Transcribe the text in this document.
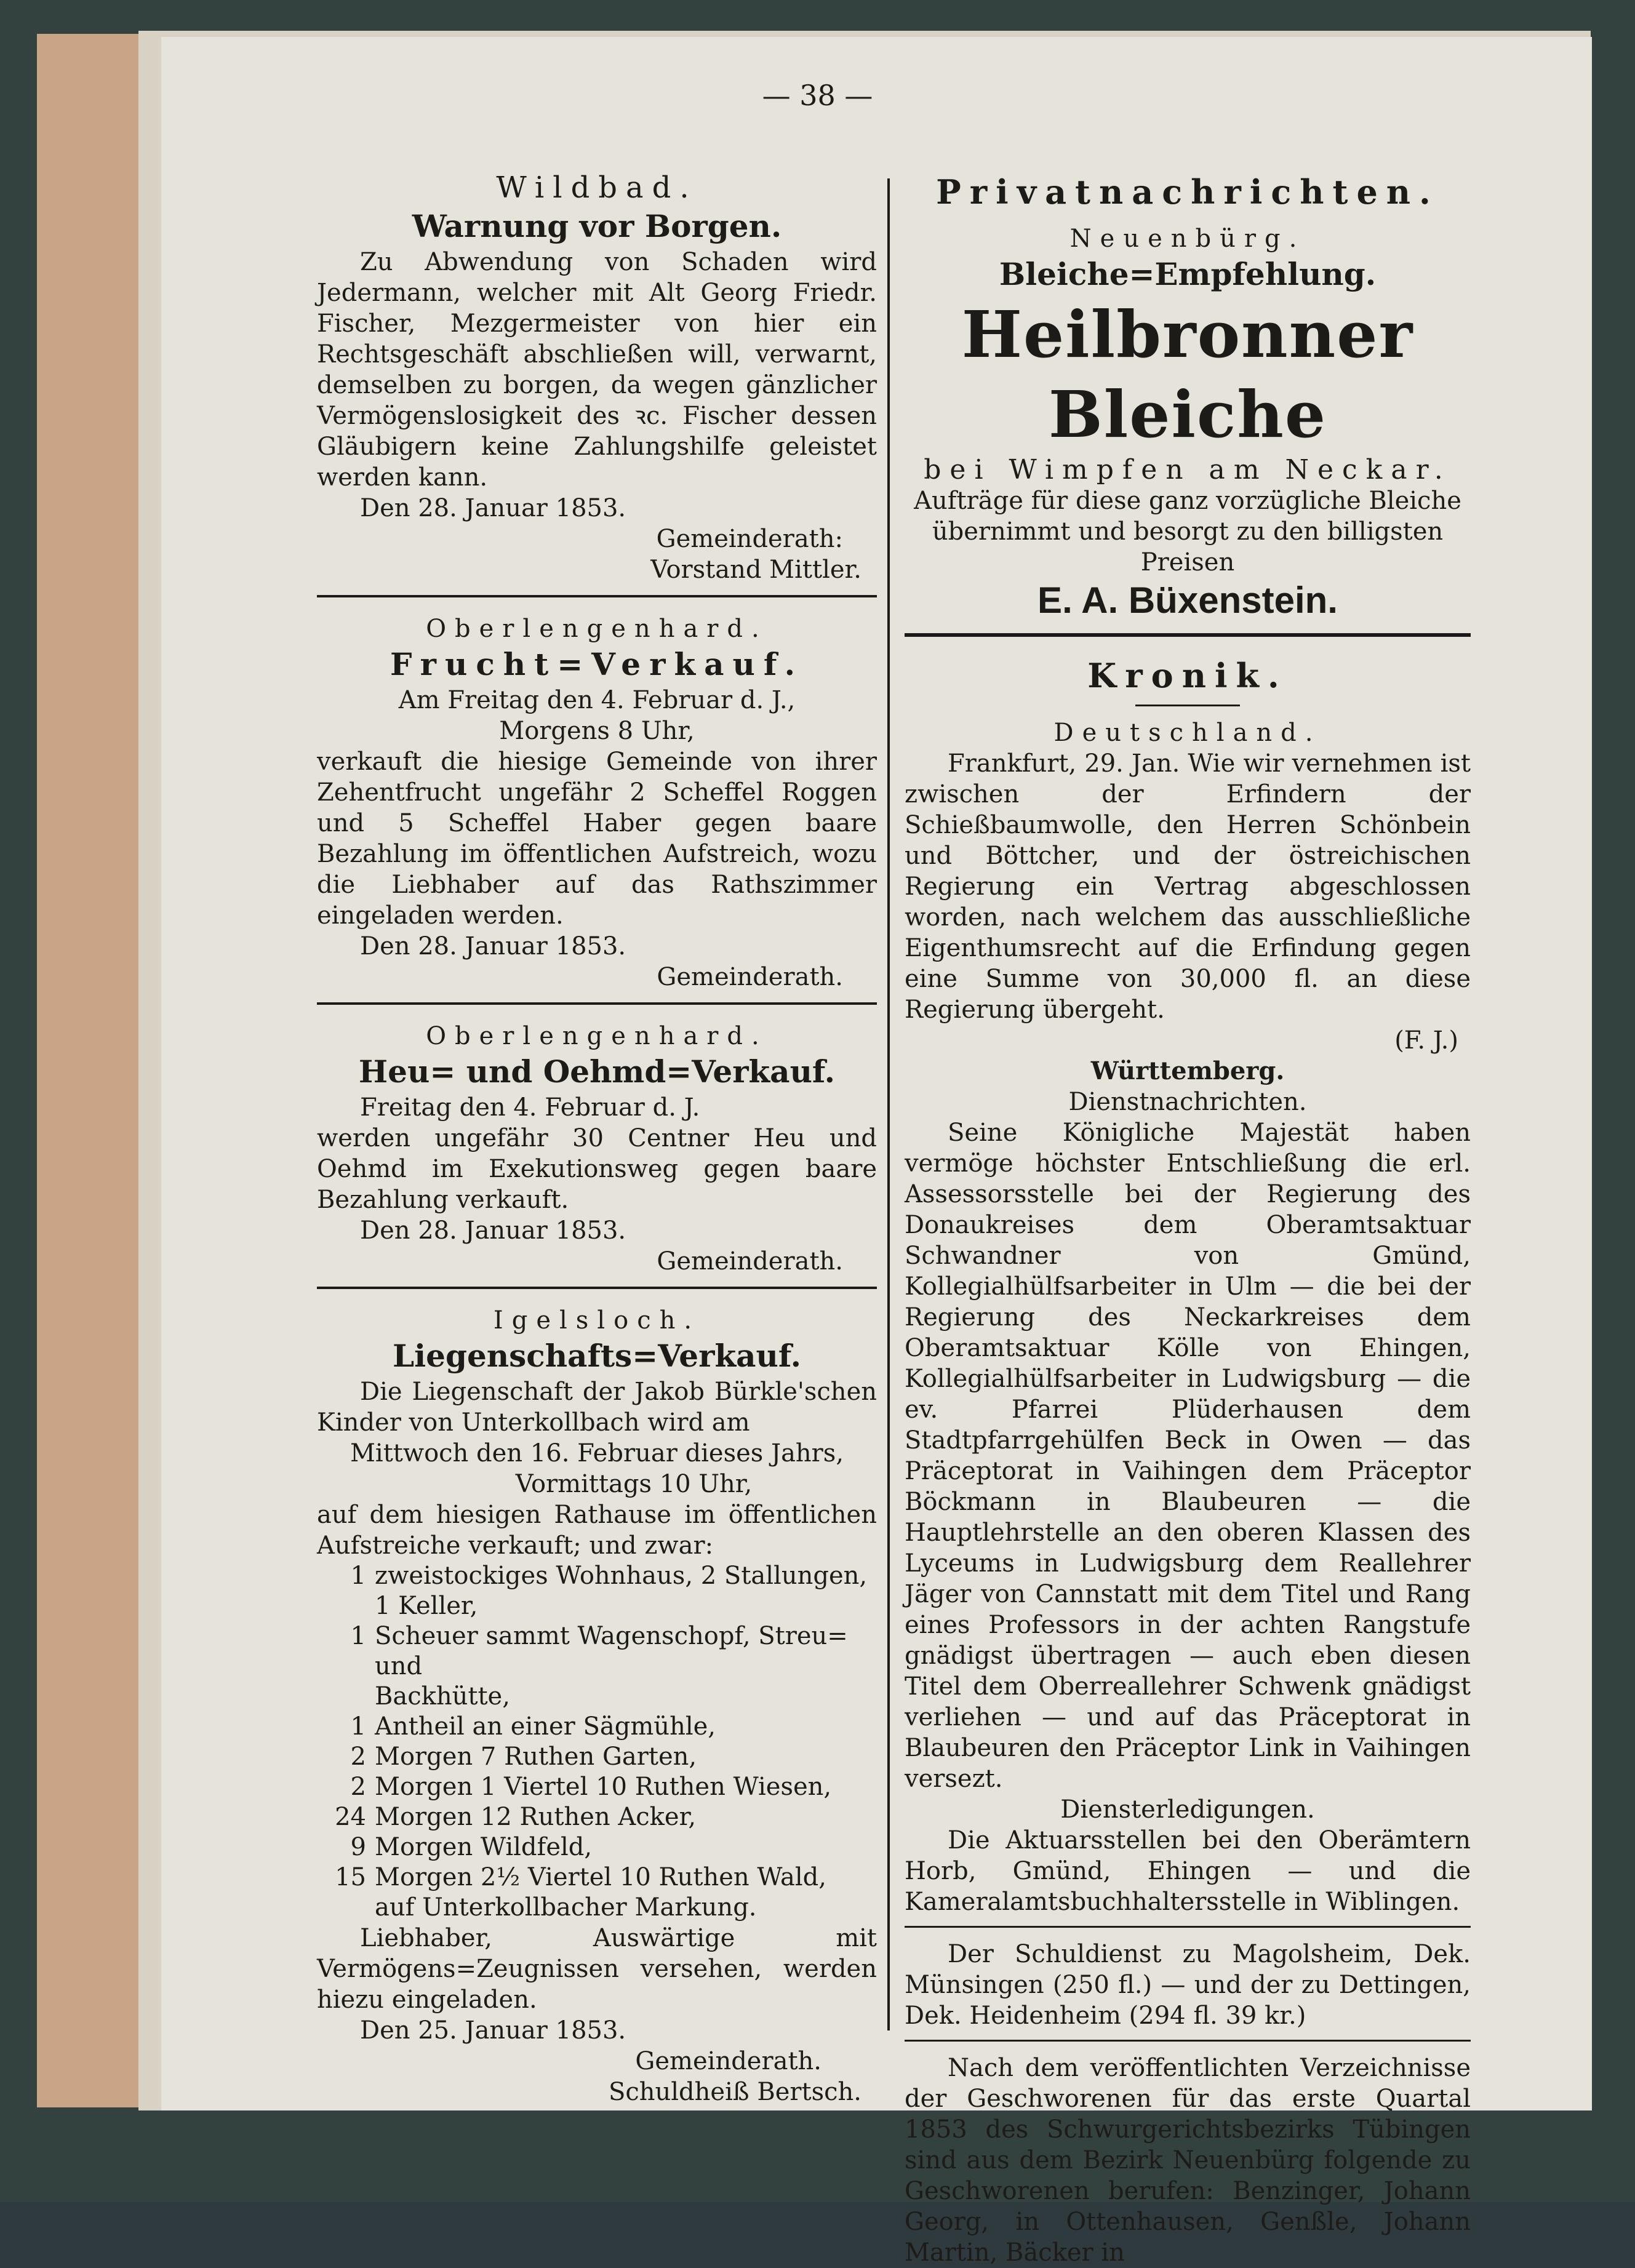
— 38 —
Wildbad.
Warnung vor Borgen.

Zu Abwendung von Schaden wird Jedermann, welcher mit Alt Georg Friedr. Fischer, Mezgermeister von hier ein Rechtsgeschäft abschließen will, verwarnt, demselben zu borgen, da wegen gänzlicher Vermögenslosigkeit des ꝛc. Fischer dessen Gläubigern keine Zahlungshilfe geleistet werden kann.

Den 28. Januar 1853.

Gemeinderath:

Vorstand Mittler.

Oberlengenhard.
Frucht=Verkauf.

Am Freitag den 4. Februar d. J.,

Morgens 8 Uhr,

verkauft die hiesige Gemeinde von ihrer Zehentfrucht ungefähr 2 Scheffel Roggen und 5 Scheffel Haber gegen baare Bezahlung im öffentlichen Aufstreich, wozu die Liebhaber auf das Rathszimmer eingeladen werden.

Den 28. Januar 1853.

Gemeinderath.

Oberlengenhard.
Heu= und Oehmd=Verkauf.

Freitag den 4. Februar d. J.

werden ungefähr 30 Centner Heu und Oehmd im Exekutionsweg gegen baare Bezahlung verkauft.

Den 28. Januar 1853.

Gemeinderath.

Igelsloch.
Liegenschafts=Verkauf.

Die Liegenschaft der Jakob Bürkle'schen Kinder von Unterkollbach wird am

Mittwoch den 16. Februar dieses Jahrs,

Vormittags 10 Uhr,

auf dem hiesigen Rathause im öffentlichen Aufstreiche verkauft; und zwar:

1 zweistockiges Wohnhaus, 2 Stallungen,
1 Keller,
1 Scheuer sammt Wagenschopf, Streu= und
Backhütte,
1 Antheil an einer Sägmühle,
2 Morgen 7 Ruthen Garten,
2 Morgen 1 Viertel 10 Ruthen Wiesen,
24 Morgen 12 Ruthen Acker,
9 Morgen Wildfeld,
15 Morgen 2½ Viertel 10 Ruthen Wald,
auf Unterkollbacher Markung.

Liebhaber, Auswärtige mit Vermögens=Zeugnissen versehen, werden hiezu eingeladen.

Den 25. Januar 1853.

Gemeinderath.

Schuldheiß Bertsch.

Privatnachrichten.
Neuenbürg.
Bleiche=Empfehlung.
Heilbronner Bleiche
bei Wimpfen am Neckar.

Aufträge für diese ganz vorzügliche Bleiche übernimmt und besorgt zu den billigsten Preisen

E. A. Büxenstein.
Kronik.
Deutschland.

Frankfurt, 29. Jan. Wie wir vernehmen ist zwischen der Erfindern der Schießbaumwolle, den Herren Schönbein und Böttcher, und der östreichischen Regierung ein Vertrag abgeschlossen worden, nach welchem das ausschließliche Eigenthumsrecht auf die Erfindung gegen eine Summe von 30,000 fl. an diese Regierung übergeht.

(F. J.)

Württemberg.
Dienstnachrichten.

Seine Königliche Majestät haben vermöge höchster Entschließung die erl. Assessorsstelle bei der Regierung des Donaukreises dem Oberamtsaktuar Schwandner von Gmünd, Kollegialhülfsarbeiter in Ulm — die bei der Regierung des Neckarkreises dem Oberamtsaktuar Kölle von Ehingen, Kollegialhülfsarbeiter in Ludwigsburg — die ev. Pfarrei Plüderhausen dem Stadtpfarrgehülfen Beck in Owen — das Präceptorat in Vaihingen dem Präceptor Böckmann in Blaubeuren — die Hauptlehrstelle an den oberen Klassen des Lyceums in Ludwigsburg dem Reallehrer Jäger von Cannstatt mit dem Titel und Rang eines Professors in der achten Rangstufe gnädigst übertragen — auch eben diesen Titel dem Oberreallehrer Schwenk gnädigst verliehen — und auf das Präceptorat in Blaubeuren den Präceptor Link in Vaihingen versezt.

Diensterledigungen.

Die Aktuarsstellen bei den Oberämtern Horb, Gmünd, Ehingen — und die Kameralamtsbuchhaltersstelle in Wiblingen.

Der Schuldienst zu Magolsheim, Dek. Münsingen (250 fl.) — und der zu Dettingen, Dek. Heidenheim (294 fl. 39 kr.)

Nach dem veröffentlichten Verzeichnisse der Geschworenen für das erste Quartal 1853 des Schwurgerichtsbezirks Tübingen sind aus dem Bezirk Neuenbürg folgende zu Geschworenen berufen: Benzinger, Johann Georg, in Ottenhausen, Genßle, Johann Martin, Bäcker in
